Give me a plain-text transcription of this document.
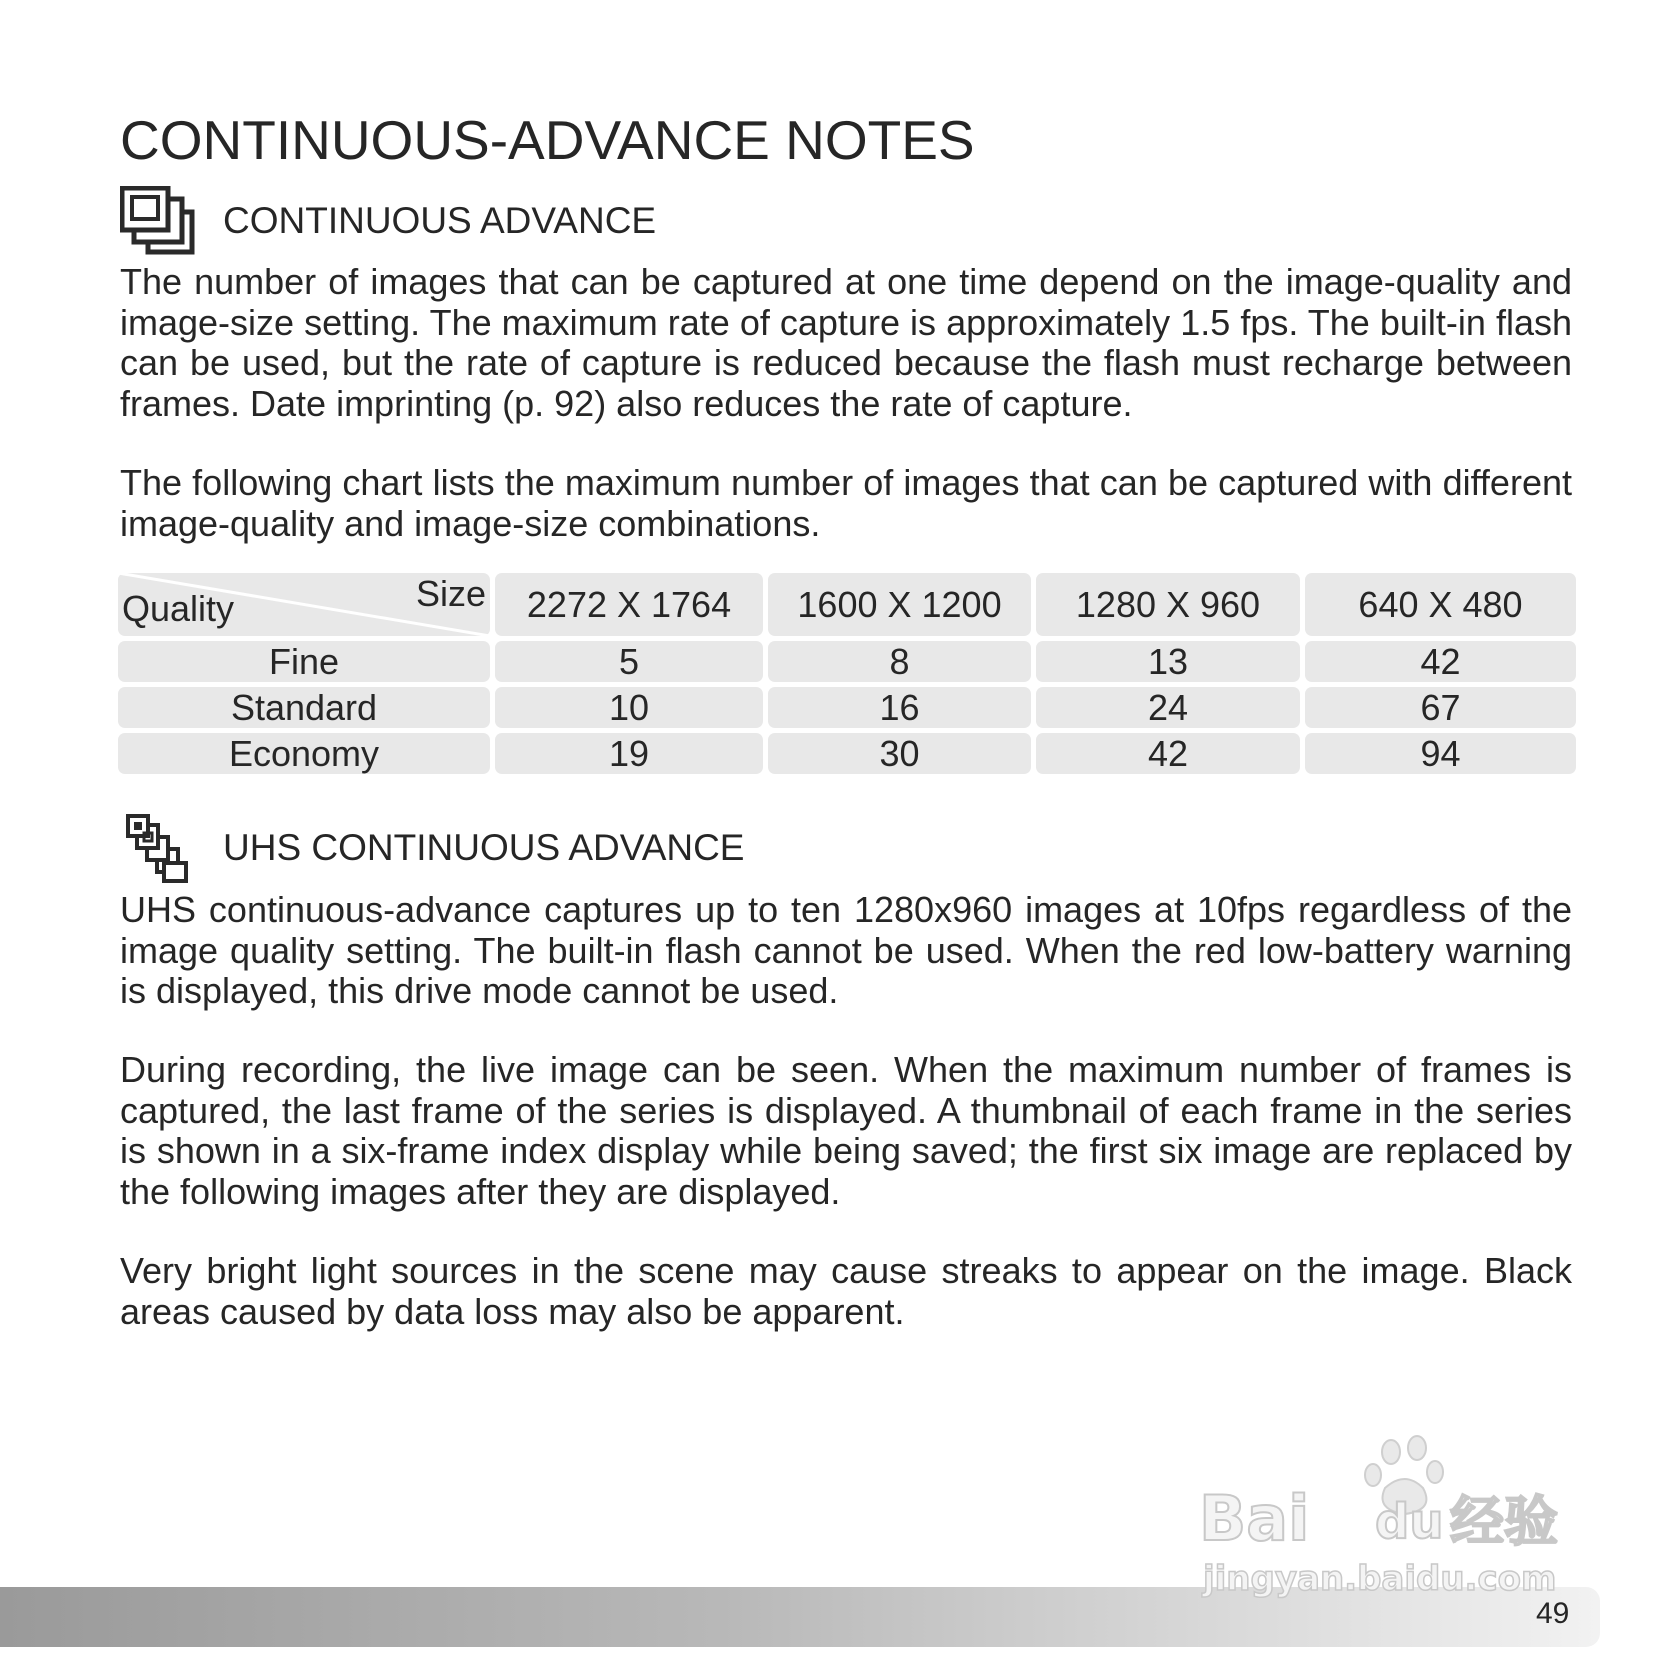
CONTINUOUS-ADVANCE NOTES
CONTINUOUS ADVANCE

The number of images that can be captured at one time depend on the image-quality and image-size setting. The maximum rate of capture is approximately 1.5 fps. The built-in flash can be used, but the rate of capture is reduced because the flash must recharge between frames. Date imprinting (p. 92) also reduces the rate of capture.

The following chart lists the maximum number of images that can be captured with different image-quality and image-size combinations.

Quality	Size	2272 X 1764	1600 X 1200	1280 X 960	640 X 480
Fine	5	8	13	42
Standard	10	16	24	67
Economy	19	30	42	94
UHS CONTINUOUS ADVANCE

UHS continuous-advance captures up to ten 1280x960 images at 10fps regardless of the image quality setting. The built-in flash cannot be used. When the red low-battery warning is displayed, this drive mode cannot be used.

During recording, the live image can be seen. When the maximum number of frames is captured, the last frame of the series is displayed. A thumbnail of each frame in the series is shown in a six-frame index display while being saved; the first six image are replaced by the following images after they are displayed.

Very bright light sources in the scene may cause streaks to appear on the image. Black areas caused by data loss may also be apparent.

Bai du 经验
jingyan.baidu.com
49
